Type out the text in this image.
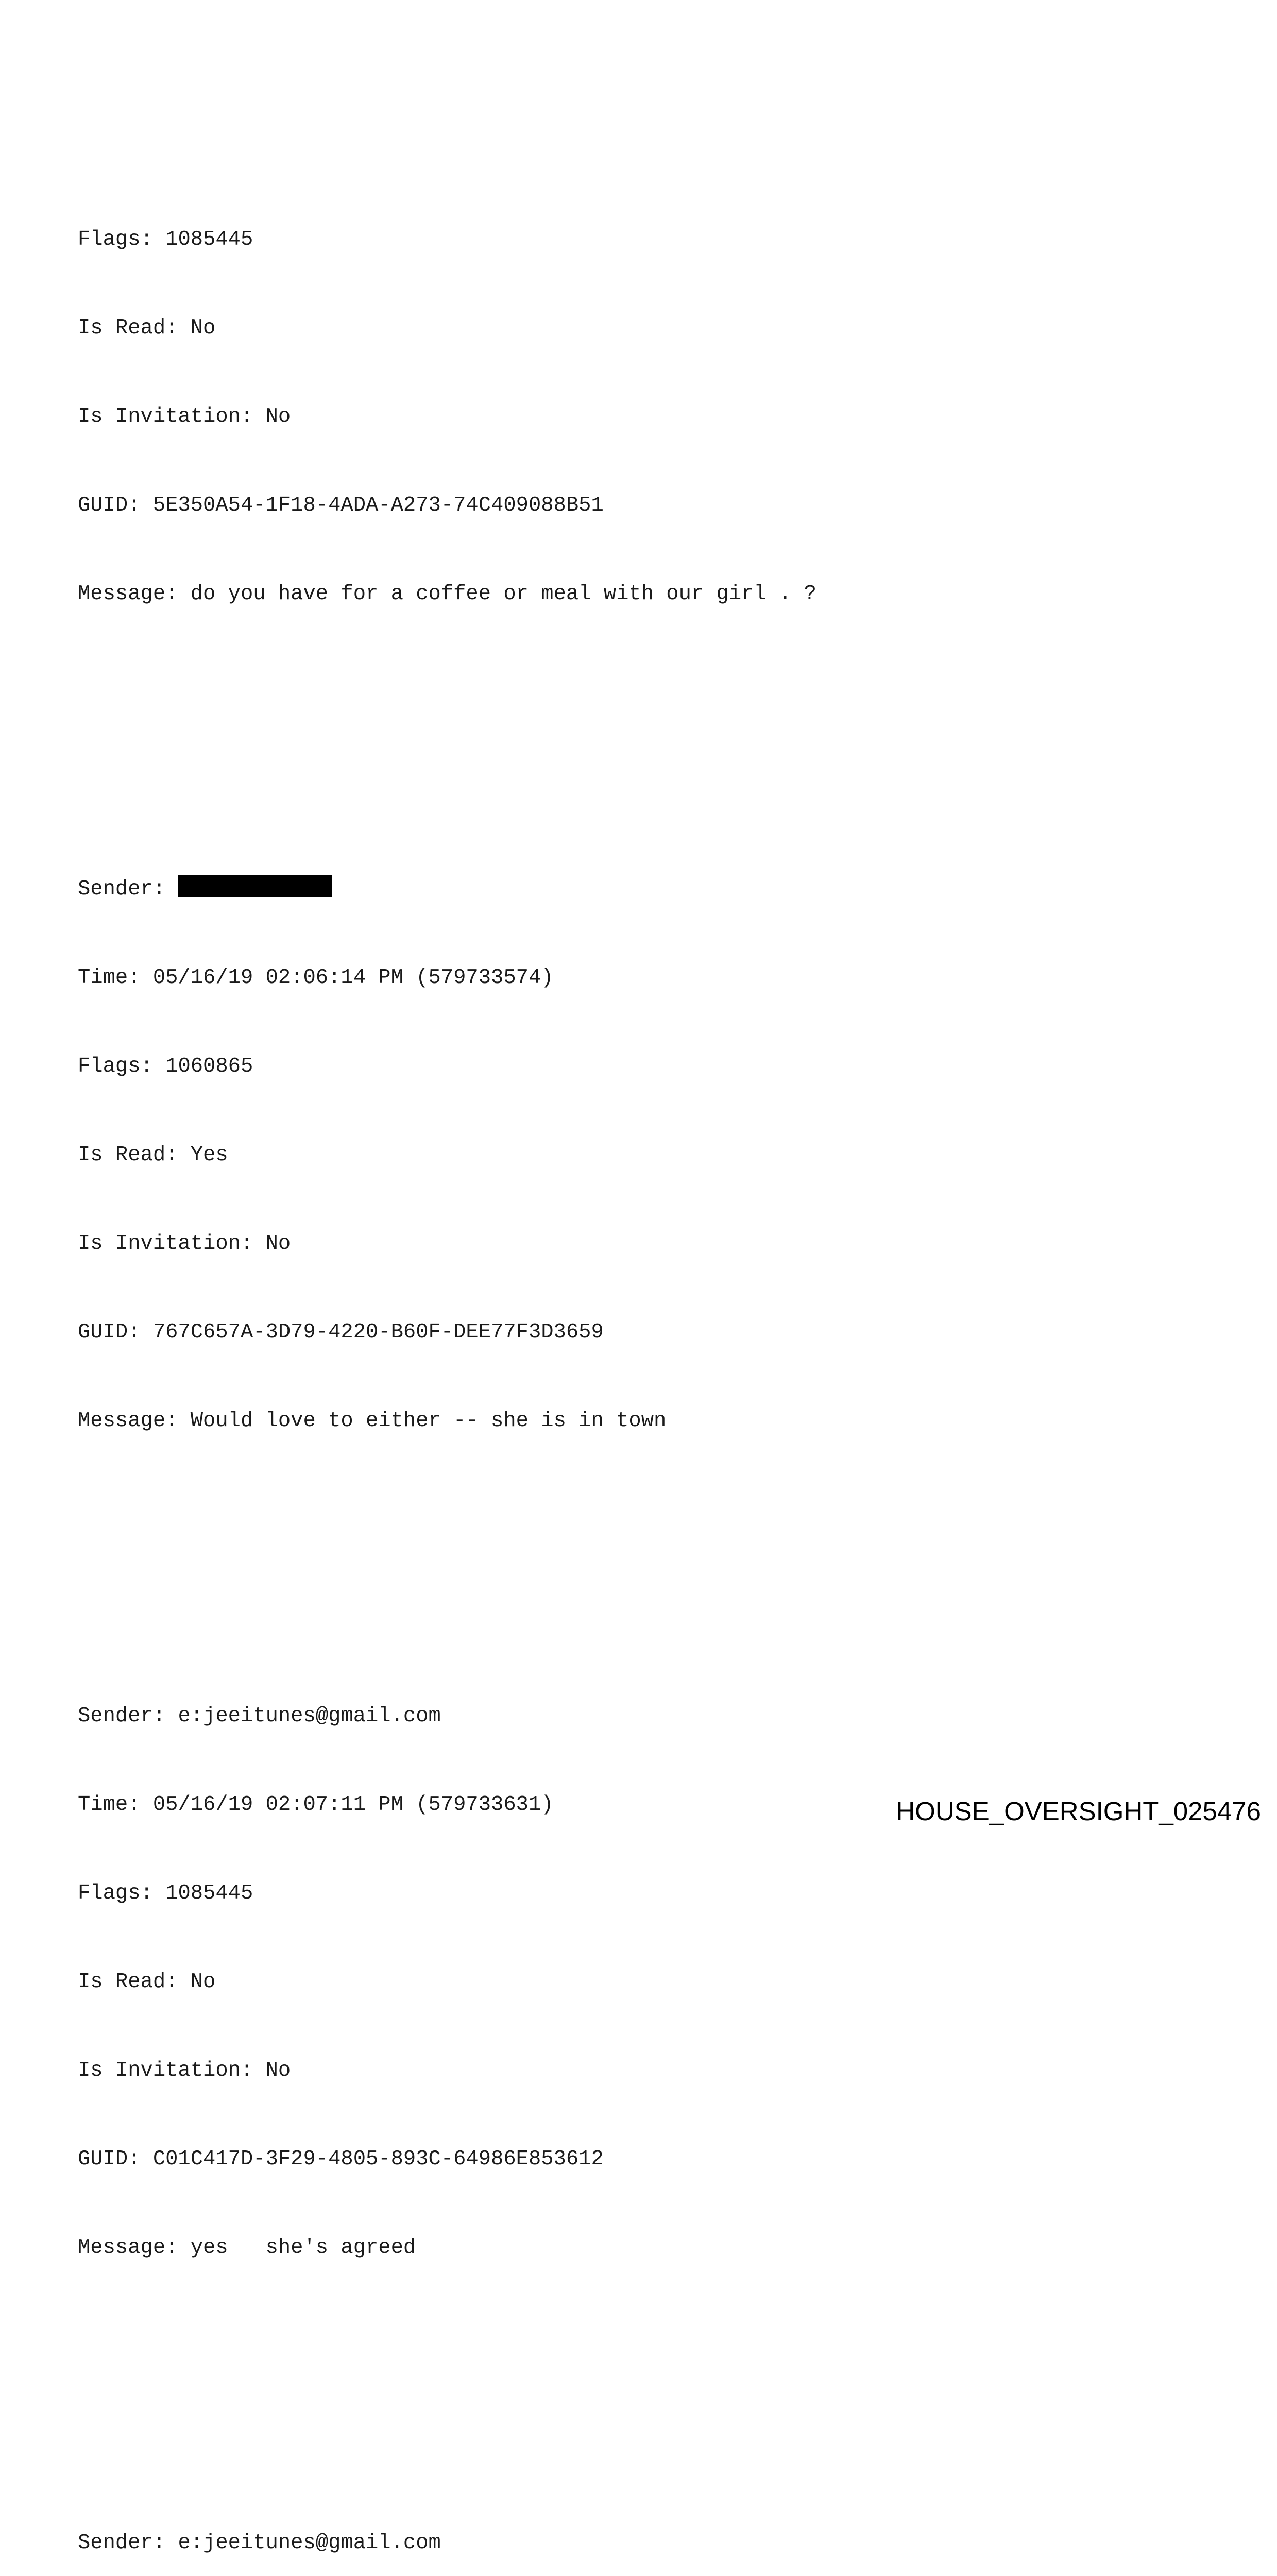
Flags: 1085445

Is Read: No

Is Invitation: No

GUID: 5E350A54-1F18-4ADA-A273-74C409088B51

Message: do you have for a coffee or meal with our girl . ?

Sender:

Time: 05/16/19 02:06:14 PM (579733574)

Flags: 1060865

Is Read: Yes

Is Invitation: No

GUID: 767C657A-3D79-4220-B60F-DEE77F3D3659

Message: Would love to either -- she is in town

Sender: e:jeeitunes@gmail.com

Time: 05/16/19 02:07:11 PM (579733631)

Flags: 1085445

Is Read: No

Is Invitation: No

GUID: C01C417D-3F29-4805-893C-64986E853612

Message: yes   she's agreed

Sender: e:jeeitunes@gmail.com

HOUSE_OVERSIGHT_025476
